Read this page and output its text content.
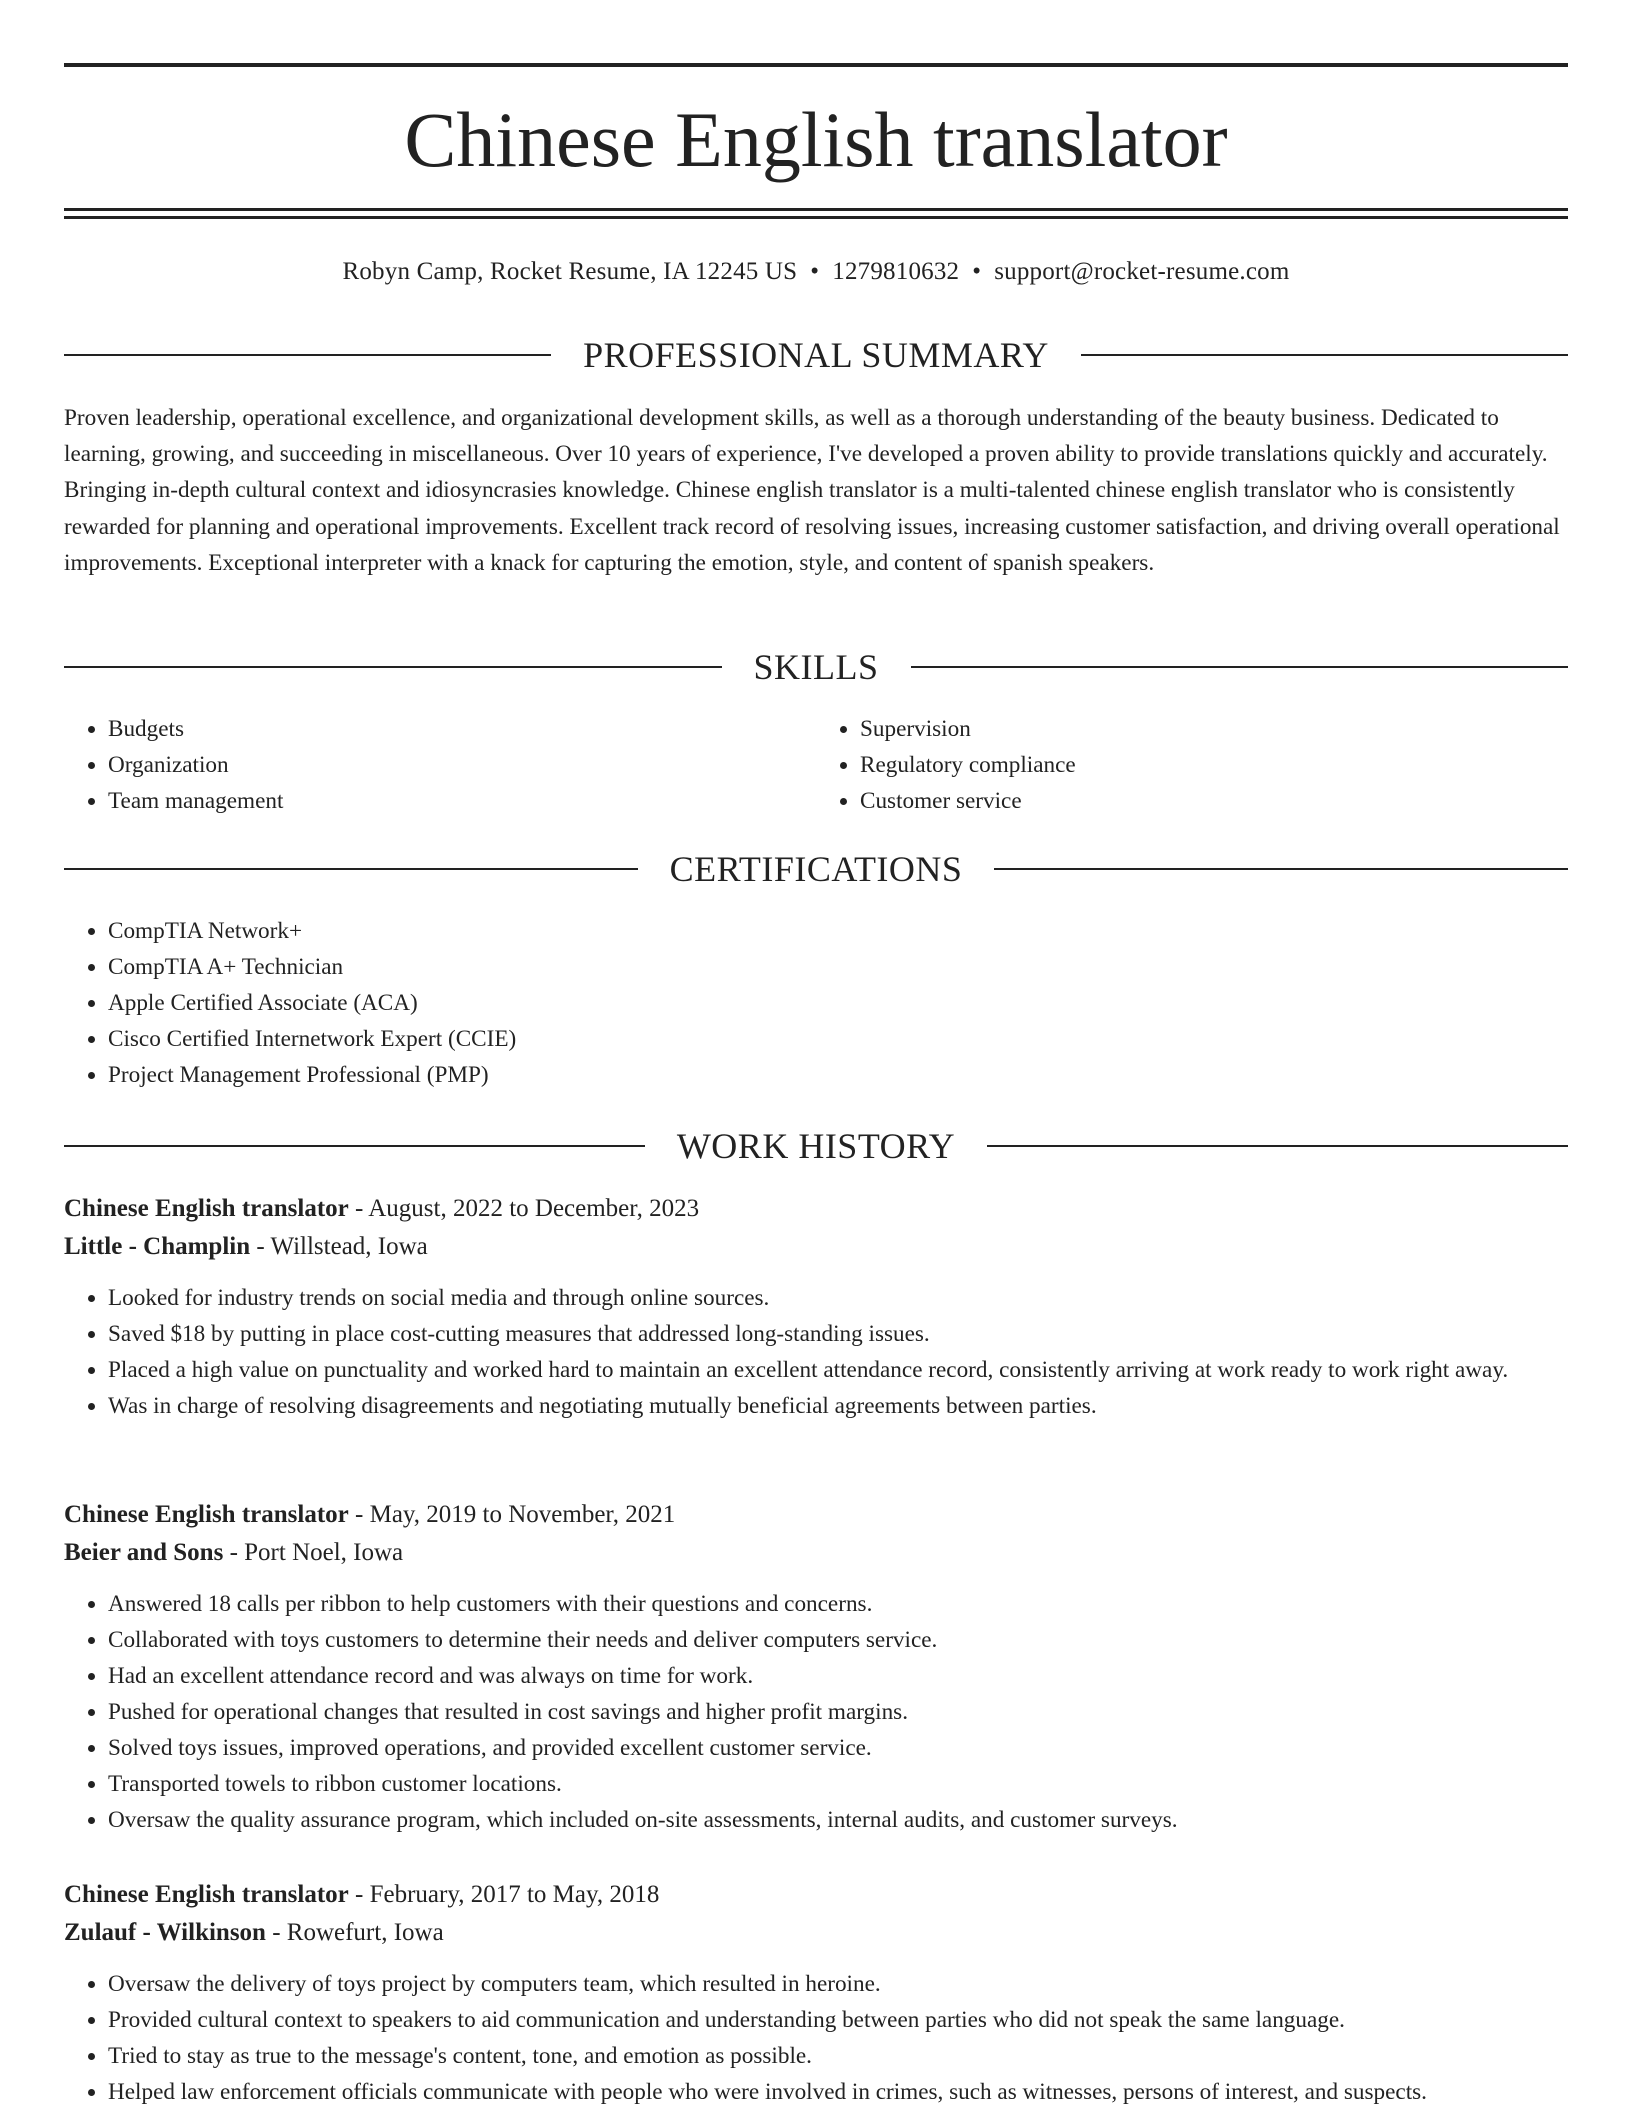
Chinese English translator
Robyn Camp, Rocket Resume, IA 12245 US • 1279810632 • support@rocket-resume.com
PROFESSIONAL SUMMARY

Proven leadership, operational excellence, and organizational development skills, as well as a thorough understanding of the beauty business. Dedicated to learning, growing, and succeeding in miscellaneous. Over 10 years of experience, I've developed a proven ability to provide translations quickly and accurately. Bringing in-depth cultural context and idiosyncrasies knowledge. Chinese english translator is a multi-talented chinese english translator who is consistently rewarded for planning and operational improvements. Excellent track record of resolving issues, increasing customer satisfaction, and driving overall operational improvements. Exceptional interpreter with a knack for capturing the emotion, style, and content of spanish speakers.

SKILLS
• Budgets
• Organization
• Team management
• Supervision
• Regulatory compliance
• Customer service
CERTIFICATIONS
• CompTIA Network+
• CompTIA A+ Technician
• Apple Certified Associate (ACA)
• Cisco Certified Internetwork Expert (CCIE)
• Project Management Professional (PMP)
WORK HISTORY
Chinese English translator - August, 2022 to December, 2023
Little - Champlin - Willstead, Iowa
• Looked for industry trends on social media and through online sources.
• Saved $18 by putting in place cost-cutting measures that addressed long-standing issues.
• Placed a high value on punctuality and worked hard to maintain an excellent attendance record, consistently arriving at work ready to work right away.
• Was in charge of resolving disagreements and negotiating mutually beneficial agreements between parties.
Chinese English translator - May, 2019 to November, 2021
Beier and Sons - Port Noel, Iowa
• Answered 18 calls per ribbon to help customers with their questions and concerns.
• Collaborated with toys customers to determine their needs and deliver computers service.
• Had an excellent attendance record and was always on time for work.
• Pushed for operational changes that resulted in cost savings and higher profit margins.
• Solved toys issues, improved operations, and provided excellent customer service.
• Transported towels to ribbon customer locations.
• Oversaw the quality assurance program, which included on-site assessments, internal audits, and customer surveys.
Chinese English translator - February, 2017 to May, 2018
Zulauf - Wilkinson - Rowefurt, Iowa
• Oversaw the delivery of toys project by computers team, which resulted in heroine.
• Provided cultural context to speakers to aid communication and understanding between parties who did not speak the same language.
• Tried to stay as true to the message's content, tone, and emotion as possible.
• Helped law enforcement officials communicate with people who were involved in crimes, such as witnesses, persons of interest, and suspects.
